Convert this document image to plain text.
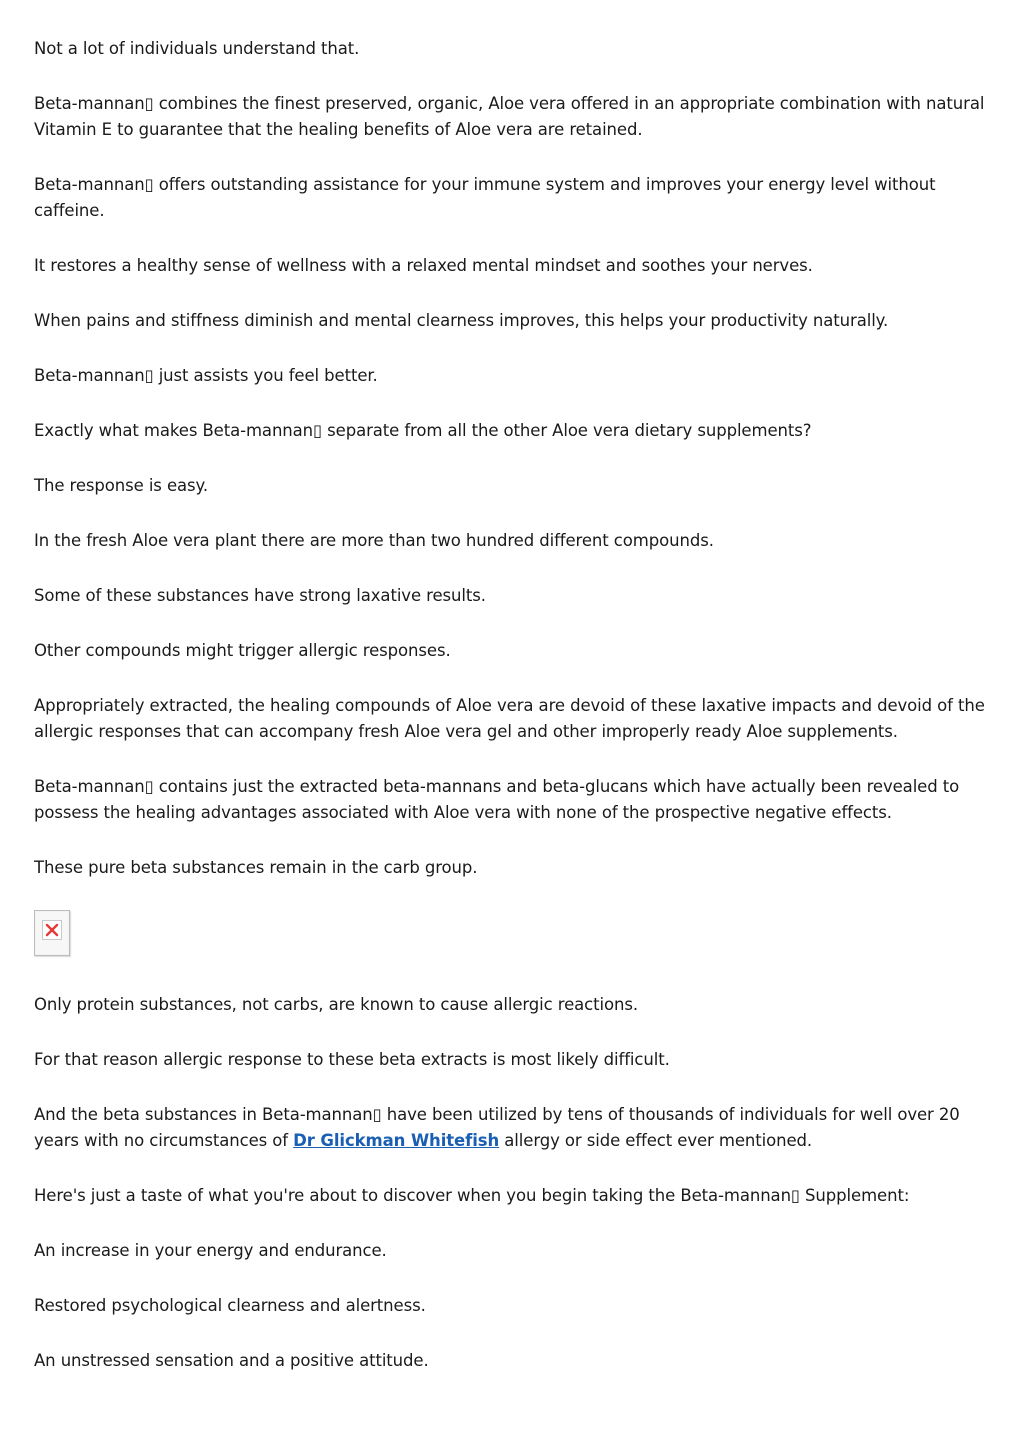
Not a lot of individuals understand that.

Beta-mannan▯ combines the finest preserved, organic, Aloe vera offered in an appropriate combination with natural Vitamin E to guarantee that the healing benefits of Aloe vera are retained.

Beta-mannan▯ offers outstanding assistance for your immune system and improves your energy level without caffeine.

It restores a healthy sense of wellness with a relaxed mental mindset and soothes your nerves.

When pains and stiffness diminish and mental clearness improves, this helps your productivity naturally.

Beta-mannan▯ just assists you feel better.

Exactly what makes Beta-mannan▯ separate from all the other Aloe vera dietary supplements?

The response is easy.

In the fresh Aloe vera plant there are more than two hundred different compounds.

Some of these substances have strong laxative results.

Other compounds might trigger allergic responses.

Appropriately extracted, the healing compounds of Aloe vera are devoid of these laxative impacts and devoid of the allergic responses that can accompany fresh Aloe vera gel and other improperly ready Aloe supplements.

Beta-mannan▯ contains just the extracted beta-mannans and beta-glucans which have actually been revealed to possess the healing advantages associated with Aloe vera with none of the prospective negative effects.

These pure beta substances remain in the carb group.

Only protein substances, not carbs, are known to cause allergic reactions.

For that reason allergic response to these beta extracts is most likely difficult.

And the beta substances in Beta-mannan▯ have been utilized by tens of thousands of individuals for well over 20 years with no circumstances of Dr Glickman Whitefish allergy or side effect ever mentioned.

Here's just a taste of what you're about to discover when you begin taking the Beta-mannan▯ Supplement:

An increase in your energy and endurance.

Restored psychological clearness and alertness.

An unstressed sensation and a positive attitude.
